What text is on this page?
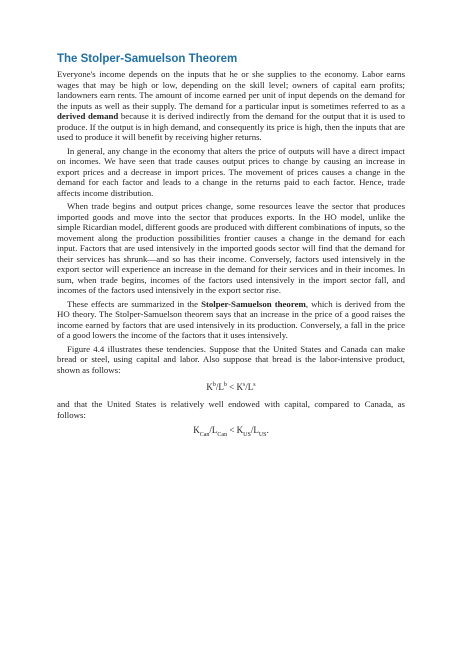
The Stolper-Samuelson Theorem

Everyone's income depends on the inputs that he or she supplies to the economy. Labor earns wages that may be high or low, depending on the skill level; owners of capital earn profits; landowners earn rents. The amount of income earned per unit of input depends on the demand for the inputs as well as their supply. The demand for a particular input is sometimes referred to as a derived demand because it is derived indirectly from the demand for the output that it is used to produce. If the output is in high demand, and consequently its price is high, then the inputs that are used to produce it will benefit by receiving higher returns.

In general, any change in the economy that alters the price of outputs will have a direct impact on incomes. We have seen that trade causes output prices to change by causing an increase in export prices and a decrease in import prices. The movement of prices causes a change in the demand for each factor and leads to a change in the returns paid to each factor. Hence, trade affects income distribution.

When trade begins and output prices change, some resources leave the sector that produces imported goods and move into the sector that produces exports. In the HO model, unlike the simple Ricardian model, different goods are produced with different combinations of inputs, so the movement along the production possibilities frontier causes a change in the demand for each input. Factors that are used intensively in the imported goods sector will find that the demand for their services has shrunk—and so has their income. Conversely, factors used intensively in the export sector will experience an increase in the demand for their services and in their incomes. In sum, when trade begins, incomes of the factors used intensively in the import sector fall, and incomes of the factors used intensively in the export sector rise.

These effects are summarized in the Stolper-Samuelson theorem, which is derived from the HO theory. The Stolper-Samuelson theorem says that an increase in the price of a good raises the income earned by factors that are used intensively in its production. Conversely, a fall in the price of a good lowers the income of the factors that it uses intensively.

Figure 4.4 illustrates these tendencies. Suppose that the United States and Canada can make bread or steel, using capital and labor. Also suppose that bread is the labor-intensive product, shown as follows:

$K^b/L^b < K^s/L^s$

and that the United States is relatively well endowed with capital, compared to Canada, as follows:

$K_{Can}/L_{Can} < K_{US}/L_{US}$.
